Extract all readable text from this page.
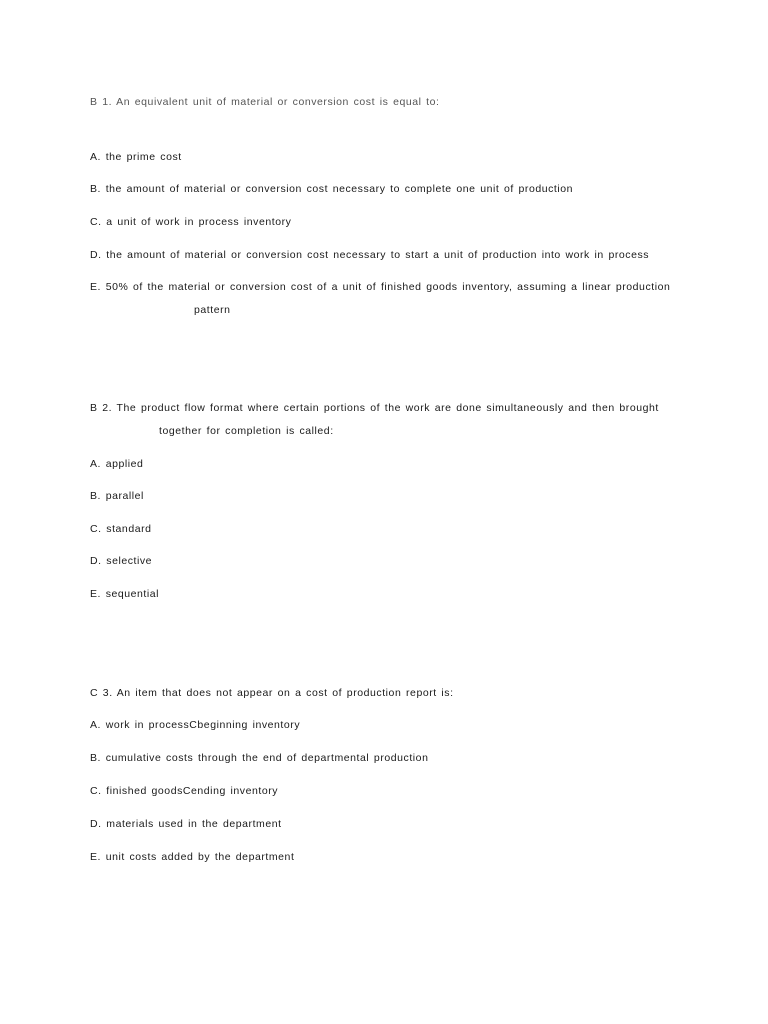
B 1. An equivalent unit of material or conversion cost is equal to:
A. the prime cost
B. the amount of material or conversion cost necessary to complete one unit of production
C. a unit of work in process inventory
D. the amount of material or conversion cost necessary to start a unit of production into work in process
E. 50% of the material or conversion cost of a unit of finished goods inventory, assuming a linear production
pattern
B 2. The product flow format where certain portions of the work are done simultaneously and then brought
together for completion is called:
A. applied
B. parallel
C. standard
D. selective
E. sequential
C 3. An item that does not appear on a cost of production report is:
A. work in processCbeginning inventory
B. cumulative costs through the end of departmental production
C. finished goodsCending inventory
D. materials used in the department
E. unit costs added by the department
